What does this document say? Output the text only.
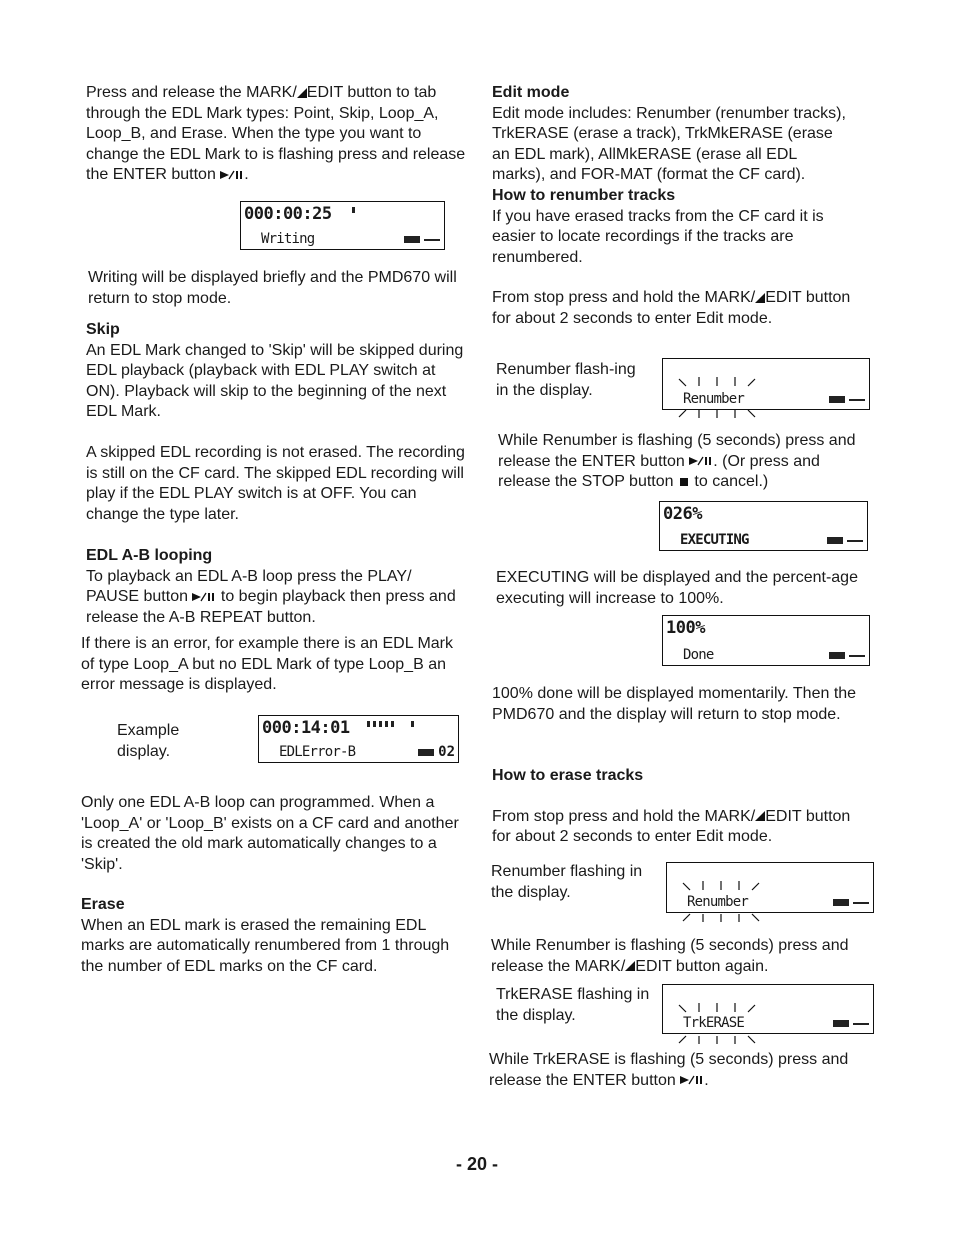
Press and release the MARK/ EDIT button to tab through the EDL Mark types: Point, Skip, Loop_A, Loop_B, and Erase. When the type you want to change the EDL Mark to is flashing press and release the ENTER button .
000:00:25
Writing
Writing will be displayed briefly and the PMD670 will return to stop mode.
Skip
An EDL Mark changed to 'Skip' will be skipped during EDL playback (playback with EDL PLAY switch at ON). Playback will skip to the beginning of the next EDL Mark.
A skipped EDL recording is not erased. The recording is still on the CF card. The skipped EDL recording will play if the EDL PLAY switch is at OFF. You can change the type later.
EDL A-B looping
To playback an EDL A-B loop press the PLAY/ PAUSE button  to begin playback then press and release the A-B REPEAT button.
If there is an error, for example there is an EDL Mark of type Loop_A but no EDL Mark of type Loop_B an error message is displayed.
Example display.
000:14:01
EDLError-B	02
Only one EDL A-B loop can programmed. When a 'Loop_A' or 'Loop_B' exists on a CF card and another is created the old mark automatically changes to a 'Skip'.
Erase
When an EDL mark is erased the remaining EDL marks are automatically renumbered from 1 through the number of EDL marks on the CF card.
Edit mode
Edit mode includes: Renumber (renumber tracks), TrkERASE (erase a track), TrkMkERASE (erase an EDL mark), AllMkERASE (erase all EDL marks), and FOR-MAT (format the CF card).
How to renumber tracks
If you have erased tracks from the CF card it is easier to locate recordings if the tracks are renumbered.
From stop press and hold the MARK/ EDIT button for about 2 seconds to enter Edit mode.
Renumber flash-ing in the display.
Renumber
While Renumber is flashing (5 seconds) press and release the ENTER button . (Or press and release the STOP button  to cancel.)
026%
EXECUTING
EXECUTING will be displayed and the percent-age executing will increase to 100%.
100%
Done
100% done will be displayed momentarily. Then the PMD670 and the display will return to stop mode.
How to erase tracks
From stop press and hold the MARK/ EDIT button for about 2 seconds to enter Edit mode.
Renumber flashing in the display.
Renumber
While Renumber is flashing (5 seconds) press and release the MARK/ EDIT button again.
TrkERASE flashing in the display.	TrkERASE
While TrkERASE is flashing (5 seconds) press and release the ENTER button .
- 20 -
